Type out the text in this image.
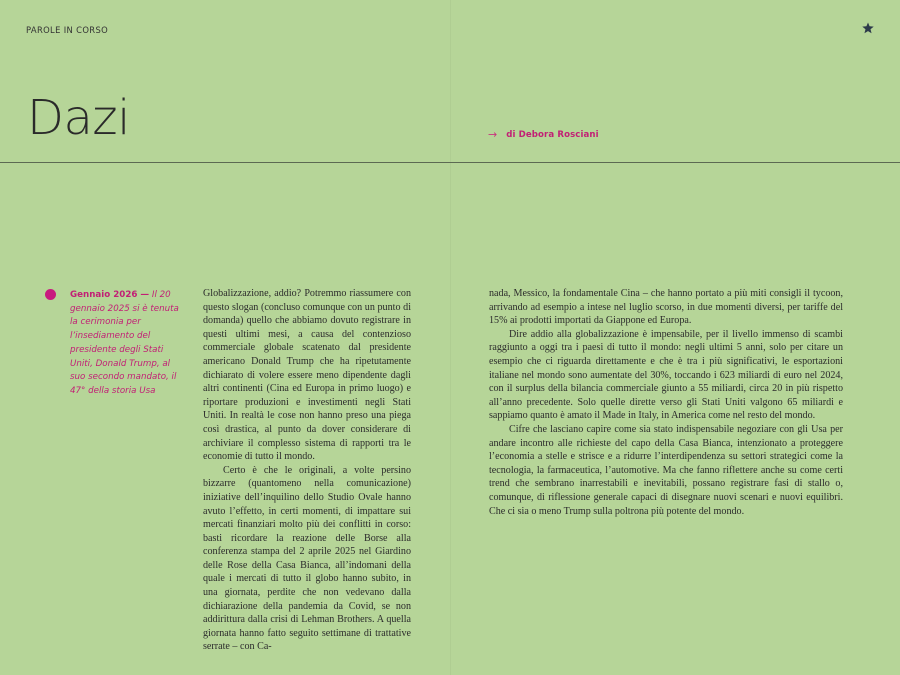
PAROLE IN CORSO
Dazi	→ di Debora Rosciani
Gennaio 2026 — Il 20 gennaio 2025 si è tenuta la cerimonia per l’insediamento del presidente degli Stati Uniti, Donald Trump, al suo secondo mandato, il 47° della storia Usa

Globalizzazione, addio? Potremmo riassumere con questo slogan (concluso comunque con un punto di domanda) quello che abbiamo dovuto registrare in questi ultimi mesi, a causa del contenzioso commerciale globale scatenato dal presidente americano Donald Trump che ha ripetutamente dichiarato di volere essere meno dipendente dagli altri continenti (Cina ed Europa in primo luogo) e riportare produzioni e investimenti negli Stati Uniti. In realtà le cose non hanno preso una piega così drastica, al punto da dover considerare di archiviare il complesso sistema di rapporti tra le economie di tutto il mondo.

Certo è che le originali, a volte persino bizzarre (quantomeno nella comunicazione) iniziative dell’inquilino dello Studio Ovale hanno avuto l’effetto, in certi momenti, di impattare sui mercati finanziari molto più dei conflitti in corso: basti ricordare la reazione delle Borse alla conferenza stampa del 2 aprile 2025 nel Giardino delle Rose della Casa Bianca, all’indomani della quale i mercati di tutto il globo hanno subito, in una giornata, perdite che non vedevano dalla dichiarazione della pandemia da Covid, se non addirittura dalla crisi di Lehman Brothers. A quella giornata hanno fatto seguito settimane di trattative serrate – con Ca-

nada, Messico, la fondamentale Cina – che hanno portato a più miti consigli il tycoon, arrivando ad esempio a intese nel luglio scorso, in due momenti diversi, per tariffe del 15% ai prodotti importati da Giappone ed Europa.

Dire addio alla globalizzazione è impensabile, per il livello immenso di scambi raggiunto a oggi tra i paesi di tutto il mondo: negli ultimi 5 anni, solo per citare un esempio che ci riguarda direttamente e che è tra i più significativi, le esportazioni italiane nel mondo sono aumentate del 30%, toccando i 623 miliardi di euro nel 2024, con il surplus della bilancia commerciale giunto a 55 miliardi, circa 20 in più rispetto all’anno precedente. Solo quelle dirette verso gli Stati Uniti valgono 65 miliardi e sappiamo quanto è amato il Made in Italy, in America come nel resto del mondo.

Cifre che lasciano capire come sia stato indispensabile negoziare con gli Usa per andare incontro alle richieste del capo della Casa Bianca, intenzionato a proteggere l’economia a stelle e strisce e a ridurre l’interdipendenza su settori strategici come la tecnologia, la farmaceutica, l’automotive. Ma che fanno riflettere anche su come certi trend che sembrano inarrestabili e inevitabili, possano registrare fasi di stallo o, comunque, di riflessione generale capaci di disegnare nuovi scenari e nuovi equilibri. Che ci sia o meno Trump sulla poltrona più potente del mondo.
